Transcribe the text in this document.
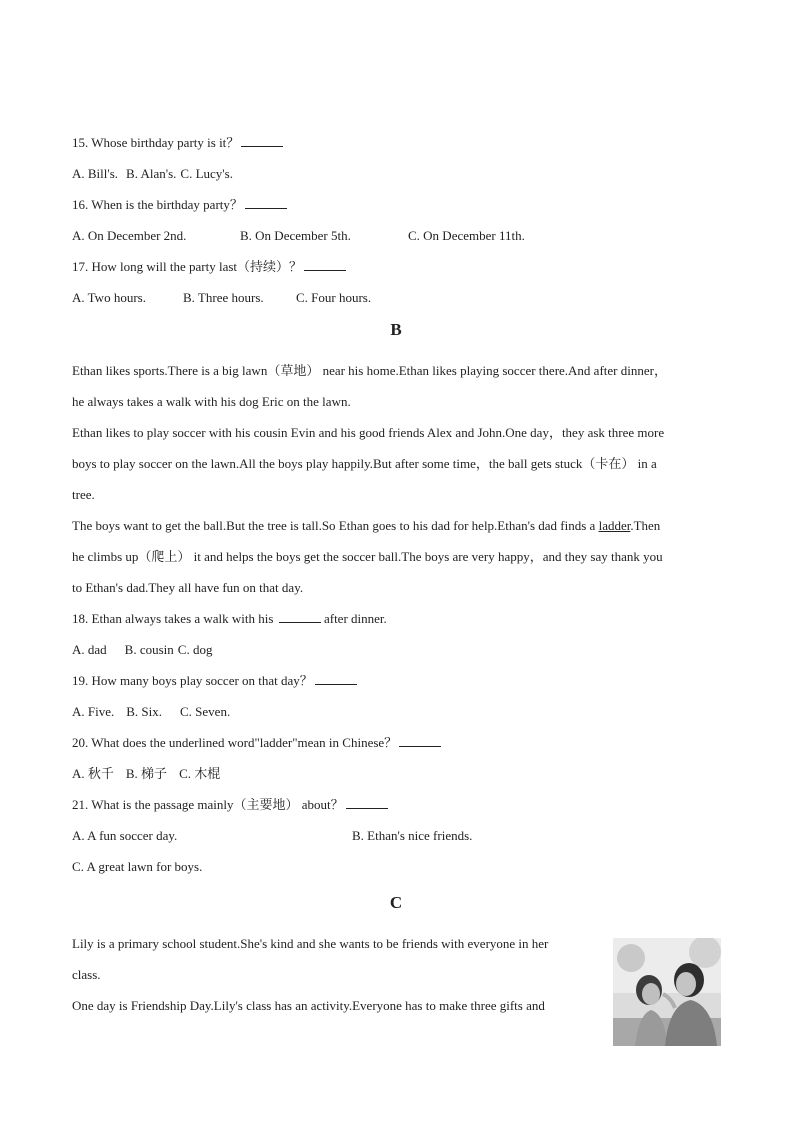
15. Whose birthday party is it？
A. Bill's. B. Alan's. C. Lucy's.
16. When is the birthday party？
A. On December 2nd.	B. On December 5th.	C. On December 11th.
17. How long will the party last（持续）？
A. Two hours.	B. Three hours.	C. Four hours.
B
Ethan likes sports.There is a big lawn（草地） near his home.Ethan likes playing soccer there.And after dinner，
he always takes a walk with his dog Eric on the lawn.
Ethan likes to play soccer with his cousin Evin and his good friends Alex and John.One day，they ask three more
boys to play soccer on the lawn.All the boys play happily.But after some time，the ball gets stuck（卡在） in a
tree.
The boys want to get the ball.But the tree is tall.So Ethan goes to his dad for help.Ethan's dad finds a ladder.Then
he climbs up（爬上） it and helps the boys get the soccer ball.The boys are very happy，and they say thank you
to Ethan's dad.They all have fun on that day.
18. Ethan always takes a walk with his	after dinner.
A. dad B. cousin C. dog
19. How many boys play soccer on that day？
A. Five. B. Six. C. Seven.
20. What does the underlined word"ladder"mean in Chinese？
A. 秋千 B. 梯子 C. 木棍
21. What is the passage mainly（主要地） about？
A. A fun soccer day.	B. Ethan's nice friends.
C. A great lawn for boys.
C
Lily is a primary school student.She's kind and she wants to be friends with everyone in her
class.
One day is Friendship Day.Lily's class has an activity.Everyone has to make three gifts and
